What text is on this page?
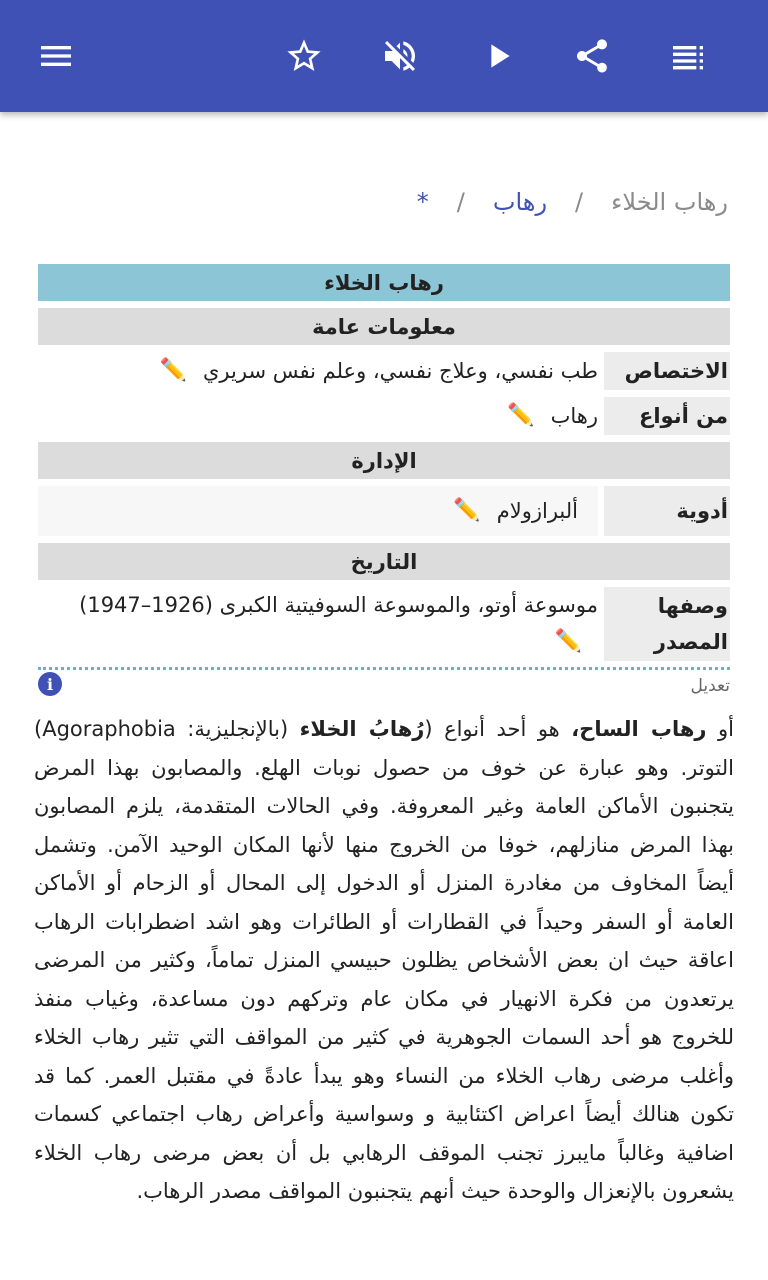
رهاب الخلاء
/
رهاب
/
*
رهاب الخلاء
معلومات عامة
الاختصاص
طب نفسي، وعلاج نفسي، وعلم نفس سريري
✏️
من أنواع
رهاب
✏️
الإدارة
أدوية
ألبرازولام
✏️
التاريخ
وصفها المصدر
موسوعة أوتو، والموسوعة السوفيتية الكبرى (1926–1947) ✏️
تعديل
i
أو رهاب الساح، هو أحد أنواع (رُهابُ الخلاء (بالإنجليزية: Agoraphobia) التوتر. وهو عبارة عن خوف من حصول نوبات الهلع. والمصابون بهذا المرض يتجنبون الأماكن العامة وغير المعروفة. وفي الحالات المتقدمة، يلزم المصابون بهذا المرض منازلهم، خوفا من الخروج منها لأنها المكان الوحيد الآمن. وتشمل أيضاً المخاوف من مغادرة المنزل أو الدخول إلى المحال أو الزحام أو الأماكن العامة أو السفر وحيداً في القطارات أو الطائرات وهو اشد اضطرابات الرهاب اعاقة حيث ان بعض الأشخاص يظلون حبيسي المنزل تماماً، وكثير من المرضى يرتعدون من فكرة الانهيار في مكان عام وتركهم دون مساعدة، وغياب منفذ للخروج هو أحد السمات الجوهرية في كثير من المواقف التي تثير رهاب الخلاء وأغلب مرضى رهاب الخلاء من النساء وهو يبدأ عادةً في مقتبل العمر. كما قد تكون هنالك أيضاً اعراض اكتئابية و وسواسية وأعراض رهاب اجتماعي كسمات اضافية وغالباً مايبرز تجنب الموقف الرهابي بل أن بعض مرضى رهاب الخلاء يشعرون بالإنعزال والوحدة حيث أنهم يتجنبون المواقف مصدر الرهاب.
